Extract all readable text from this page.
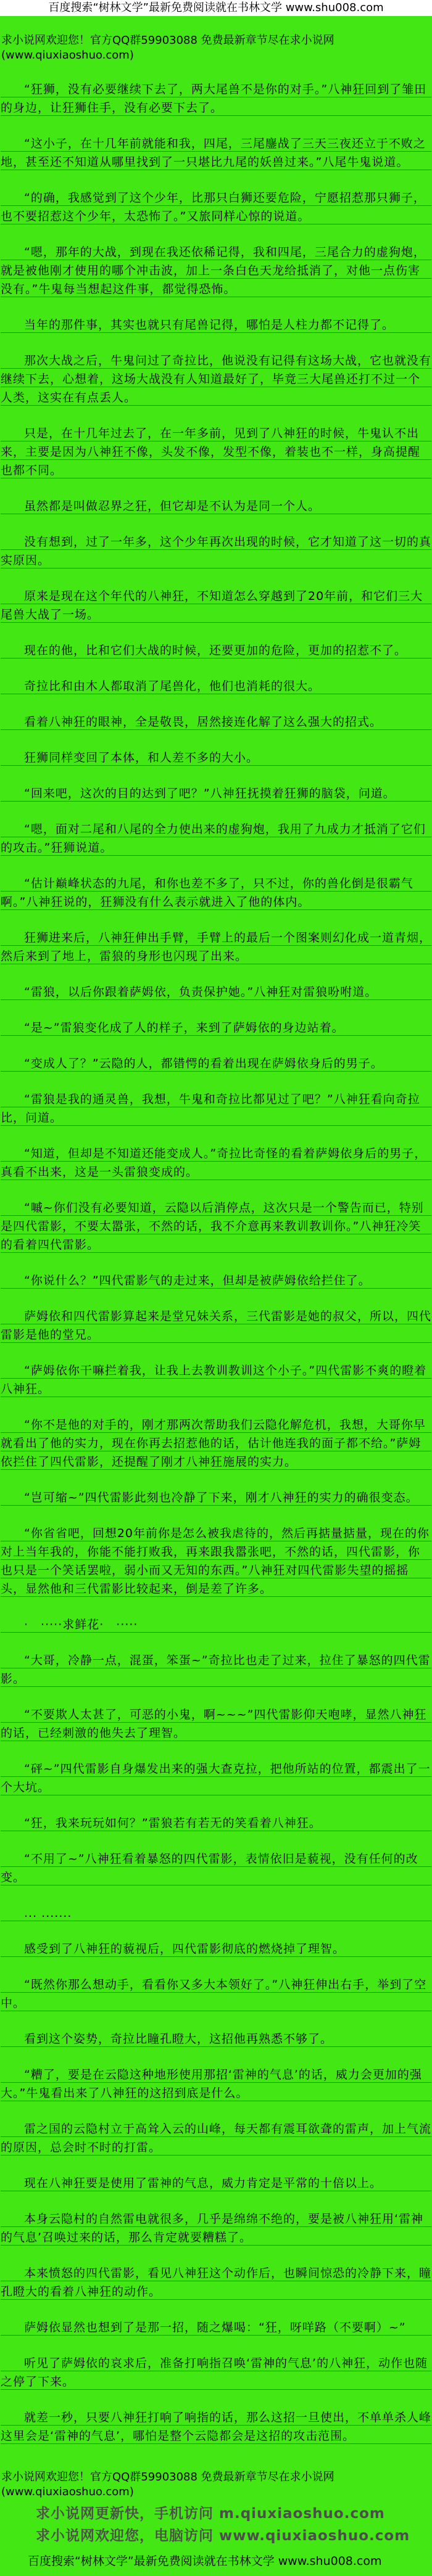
百度搜索“树林文学”最新免费阅读就在书林文学 www.shu008.com
求小说网欢迎您！官方QQ群59903088 免费最新章节尽在求小说网(www.qiuxiaoshuo.com)

“狂狮，没有必要继续下去了，两大尾兽不是你的对手。”八神狂回到了雏田的身边，让狂狮住手，没有必要下去了。

“这小子，在十几年前就能和我，四尾，三尾鏖战了三天三夜还立于不败之地，甚至还不知道从哪里找到了一只堪比九尾的妖兽过来。”八尾牛鬼说道。

“的确，我感觉到了这个少年，比那只白狮还要危险，宁愿招惹那只狮子，也不要招惹这个少年，太恐怖了。”又旅同样心惊的说道。

“嗯，那年的大战，到现在我还依稀记得，我和四尾，三尾合力的虚狗炮，就是被他刚才使用的哪个冲击波，加上一条白色天龙给抵消了，对他一点伤害没有。”牛鬼每当想起这件事，都觉得恐怖。

当年的那件事，其实也就只有尾兽记得，哪怕是人柱力都不记得了。

那次大战之后，牛鬼问过了奇拉比，他说没有记得有这场大战，它也就没有继续下去，心想着，这场大战没有人知道最好了，毕竟三大尾兽还打不过一个人类，这实在有点丢人。

只是，在十几年过去了，在一年多前，见到了八神狂的时候，牛鬼认不出来，主要是因为八神狂不像，头发不像，发型不像，着装也不一样，身高提醒也都不同。

虽然都是叫做忍界之狂，但它却是不认为是同一个人。

没有想到，过了一年多，这个少年再次出现的时候，它才知道了这一切的真实原因。

原来是现在这个年代的八神狂，不知道怎么穿越到了20年前，和它们三大尾兽大战了一场。

现在的他，比和它们大战的时候，还要更加的危险，更加的招惹不了。

奇拉比和由木人都取消了尾兽化，他们也消耗的很大。

看着八神狂的眼神，全是敬畏，居然接连化解了这么强大的招式。

狂狮同样变回了本体，和人差不多的大小。

“回来吧，这次的目的达到了吧？”八神狂抚摸着狂狮的脑袋，问道。

“嗯，面对二尾和八尾的全力使出来的虚狗炮，我用了九成力才抵消了它们的攻击。”狂狮说道。

“估计巅峰状态的九尾，和你也差不多了，只不过，你的兽化倒是很霸气啊。”八神狂说的，狂狮没有什么表示就进入了他的体内。

狂狮进来后，八神狂伸出手臂，手臂上的最后一个图案则幻化成一道青烟，然后来到了地上，雷狼的身形也闪现了出来。

“雷狼，以后你跟着萨姆依，负责保护她。”八神狂对雷狼吩咐道。

“是~”雷狼变化成了人的样子，来到了萨姆依的身边站着。

“变成人了？”云隐的人，都错愕的看着出现在萨姆依身后的男子。

“雷狼是我的通灵兽，我想，牛鬼和奇拉比都见过了吧？”八神狂看向奇拉比，问道。

“知道，但却是不知道还能变成人。”奇拉比奇怪的看着萨姆依身后的男子，真看不出来，这是一头雷狼变成的。

“嘁~你们没有必要知道，云隐以后消停点，这次只是一个警告而已，特别是四代雷影，不要太嚣张，不然的话，我不介意再来教训教训你。”八神狂冷笑的看着四代雷影。

“你说什么？”四代雷影气的走过来，但却是被萨姆依给拦住了。

萨姆依和四代雷影算起来是堂兄妹关系，三代雷影是她的叔父，所以，四代雷影是他的堂兄。

“萨姆依你干嘛拦着我，让我上去教训教训这个小子。”四代雷影不爽的瞪着八神狂。

“你不是他的对手的，刚才那两次帮助我们云隐化解危机，我想，大哥你早就看出了他的实力，现在你再去招惹他的话，估计他连我的面子都不给。”萨姆依拦住了四代雷影，还提醒了刚才八神狂施展的实力。

“岂可缩~”四代雷影此刻也冷静了下来，刚才八神狂的实力的确很变态。

“你省省吧，回想20年前你是怎么被我虐待的，然后再掂量掂量，现在的你对上当年我的，你能不能打败我，再来跟我嚣张吧，不然的话，四代雷影，你也只是一个笑话罢啦，弱小而又无知的东西。”八神狂对四代雷影失望的摇摇头，显然他和三代雷影比较起来，倒是差了许多。

·　·····求鲜花·　·····

“大哥，冷静一点，混蛋，笨蛋~”奇拉比也走了过来，拉住了暴怒的四代雷影。

“不要欺人太甚了，可恶的小鬼，啊~~~”四代雷影仰天咆哮，显然八神狂的话，已经刺激的他失去了理智。

“砰~”四代雷影自身爆发出来的强大查克拉，把他所站的位置，都震出了一个大坑。

“狂，我来玩玩如何？”雷狼若有若无的笑看着八神狂。

“不用了~”八神狂看着暴怒的四代雷影，表情依旧是藐视，没有任何的改变。

... .......

感受到了八神狂的藐视后，四代雷影彻底的燃烧掉了理智。

“既然你那么想动手，看看你又多大本领好了。”八神狂伸出右手，举到了空中。

看到这个姿势，奇拉比瞳孔瞪大，这招他再熟悉不够了。

“糟了，要是在云隐这种地形使用那招‘雷神的气息’的话，威力会更加的强大。”牛鬼看出来了八神狂的这招到底是什么。

雷之国的云隐村立于高耸入云的山峰，每天都有震耳欲聋的雷声，加上气流的原因，总会时不时的打雷。

现在八神狂要是使用了雷神的气息，威力肯定是平常的十倍以上。

本身云隐村的自然雷电就很多，几乎是绵绵不绝的，要是被八神狂用‘雷神的气息’召唤过来的话，那么肯定就要糟糕了。

本来愤怒的四代雷影，看见八神狂这个动作后，也瞬间惊恐的冷静下来，瞳孔瞪大的看着八神狂的动作。

萨姆依显然也想到了是那一招，随之爆喝：“狂，呀咩路（不要啊）~”

听见了萨姆依的哀求后，准备打响指召唤‘雷神的气息’的八神狂，动作也随之停了下来。

就差一秒，只要八神狂打响了响指的话，那么这招一旦使出，不单单杀人峰这里会是‘雷神的气息’，哪怕是整个云隐都会是这招的攻击范围。

求小说网欢迎您！官方QQ群59903088 免费最新章节尽在求小说网(www.qiuxiaoshuo.com)
求小说网更新快，手机访问 m.qiuxiaoshuo.com
求小说网欢迎您，电脑访问 www.qiuxiaoshuo.com
百度搜索“树林文学”最新免费阅读就在书林文学 www.shu008.com
